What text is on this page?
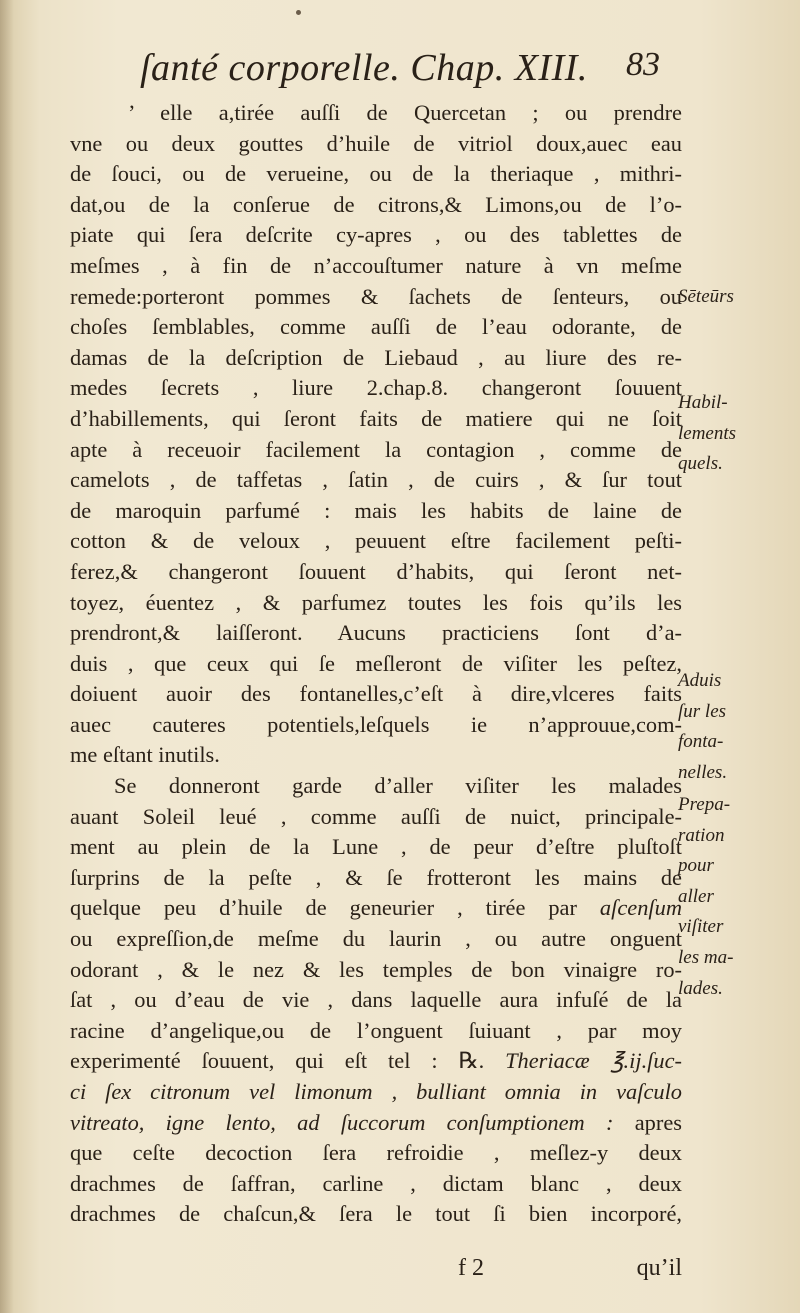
ſanté corporelle. Chap. XIII. 83
’ elle a,tirée auſſi de Quercetan ; ou prendre
vne ou deux gouttes d’huile de vitriol doux,auec eau
de ſouci, ou de verueine, ou de la theriaque , mithri-
dat,ou de la conſerue de citrons,& Limons,ou de l’o-
piate qui ſera deſcrite cy-apres , ou des tablettes de
meſmes , à fin de n’accouſtumer nature à vn meſme
remede:porteront pommes & ſachets de ſenteurs, ou
choſes ſemblables, comme auſſi de l’eau odorante, de
damas de la deſcription de Liebaud , au liure des re-
medes ſecrets , liure 2.chap.8. changeront ſouuent
d’habillements, qui ſeront faits de matiere qui ne ſoit
apte à receuoir facilement la contagion , comme de
camelots , de taffetas , ſatin , de cuirs , & ſur tout
de maroquin parfumé : mais les habits de laine de
cotton & de veloux , peuuent eſtre facilement peſti-
ferez,& changeront ſouuent d’habits, qui ſeront net-
toyez, éuentez , & parfumez toutes les fois qu’ils les
prendront,& laiſſeront. Aucuns practiciens ſont d’a-
duis , que ceux qui ſe meſleront de viſiter les peſtez,
doiuent auoir des fontanelles,c’eſt à dire,vlceres faits
auec cauteres potentiels,leſquels ie n’approuue,com-
me eſtant inutils.
Se donneront garde d’aller viſiter les malades
auant Soleil leué , comme auſſi de nuict, principale-
ment au plein de la Lune , de peur d’eſtre pluſtoſt
ſurprins de la peſte , & ſe frotteront les mains de
quelque peu d’huile de geneurier , tirée par aſcenſum
ou expreſſion,de meſme du laurin , ou autre onguent
odorant , & le nez & les temples de bon vinaigre ro-
ſat , ou d’eau de vie , dans laquelle aura infuſé de la
racine d’angelique,ou de l’onguent ſuiuant , par moy
experimenté ſouuent, qui eſt tel : ℞. Theriacæ ℥.ij.ſuc-
ci ſex citronum vel limonum , bulliant omnia in vaſculo
vitreato, igne lento, ad ſuccorum conſumptionem : apres
que ceſte decoction ſera refroidie , meſlez-y deux
drachmes de ſaffran, carline , dictam blanc , deux
drachmes de chaſcun,& ſera le tout ſi bien incorporé,
Sēteūrs
Habil-
lements
quels.
Aduis
ſur les
fonta-
nelles.
Prepa-
ration
pour
aller
viſiter
les ma-
lades.
f 2	qu’il
